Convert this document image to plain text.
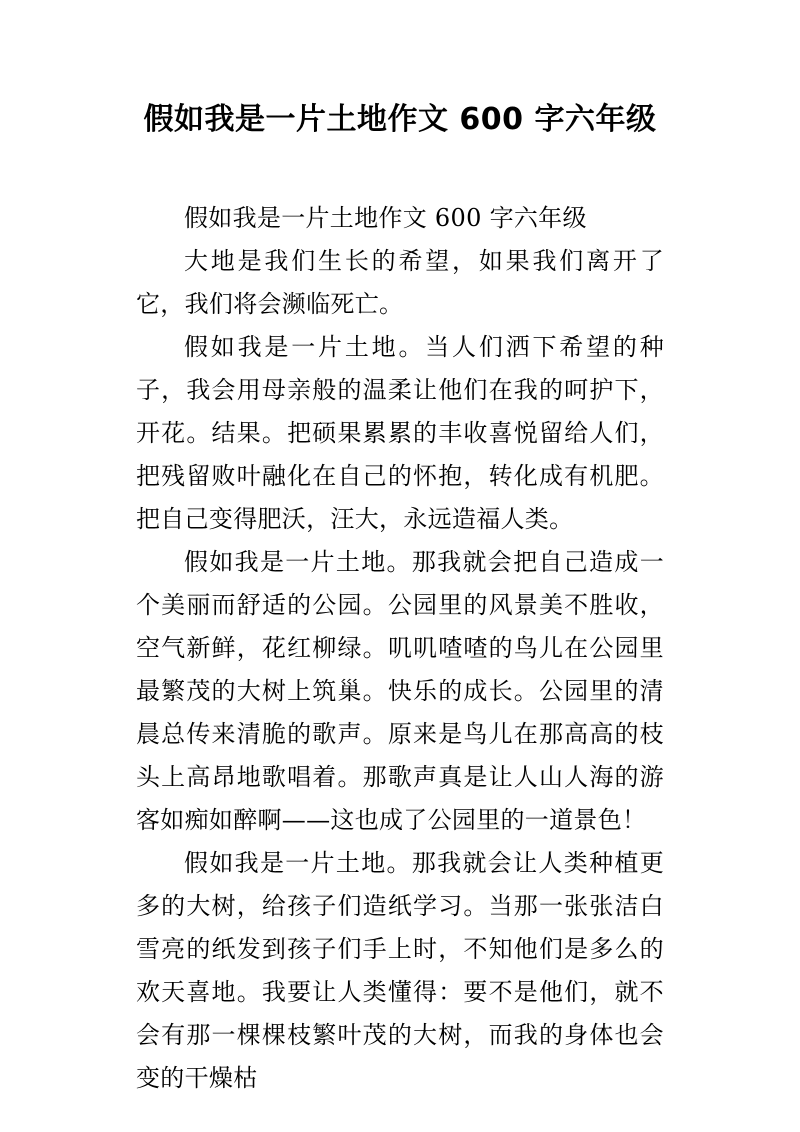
假如我是一片土地作文 600 字六年级

假如我是一片土地作文 600 字六年级

大地是我们生长的希望，如果我们离开了它，我们将会濒临死亡。

假如我是一片土地。当人们洒下希望的种子，我会用母亲般的温柔让他们在我的呵护下，开花。结果。把硕果累累的丰收喜悦留给人们，把残留败叶融化在自己的怀抱，转化成有机肥。把自己变得肥沃，汪大，永远造福人类。

假如我是一片土地。那我就会把自己造成一个美丽而舒适的公园。公园里的风景美不胜收，空气新鲜，花红柳绿。叽叽喳喳的鸟儿在公园里最繁茂的大树上筑巢。快乐的成长。公园里的清晨总传来清脆的歌声。原来是鸟儿在那高高的枝头上高昂地歌唱着。那歌声真是让人山人海的游客如痴如醉啊——这也成了公园里的一道景色！

假如我是一片土地。那我就会让人类种植更多的大树，给孩子们造纸学习。当那一张张洁白雪亮的纸发到孩子们手上时，不知他们是多么的欢天喜地。我要让人类懂得：要不是他们，就不会有那一棵棵枝繁叶茂的大树，而我的身体也会变的干燥枯
